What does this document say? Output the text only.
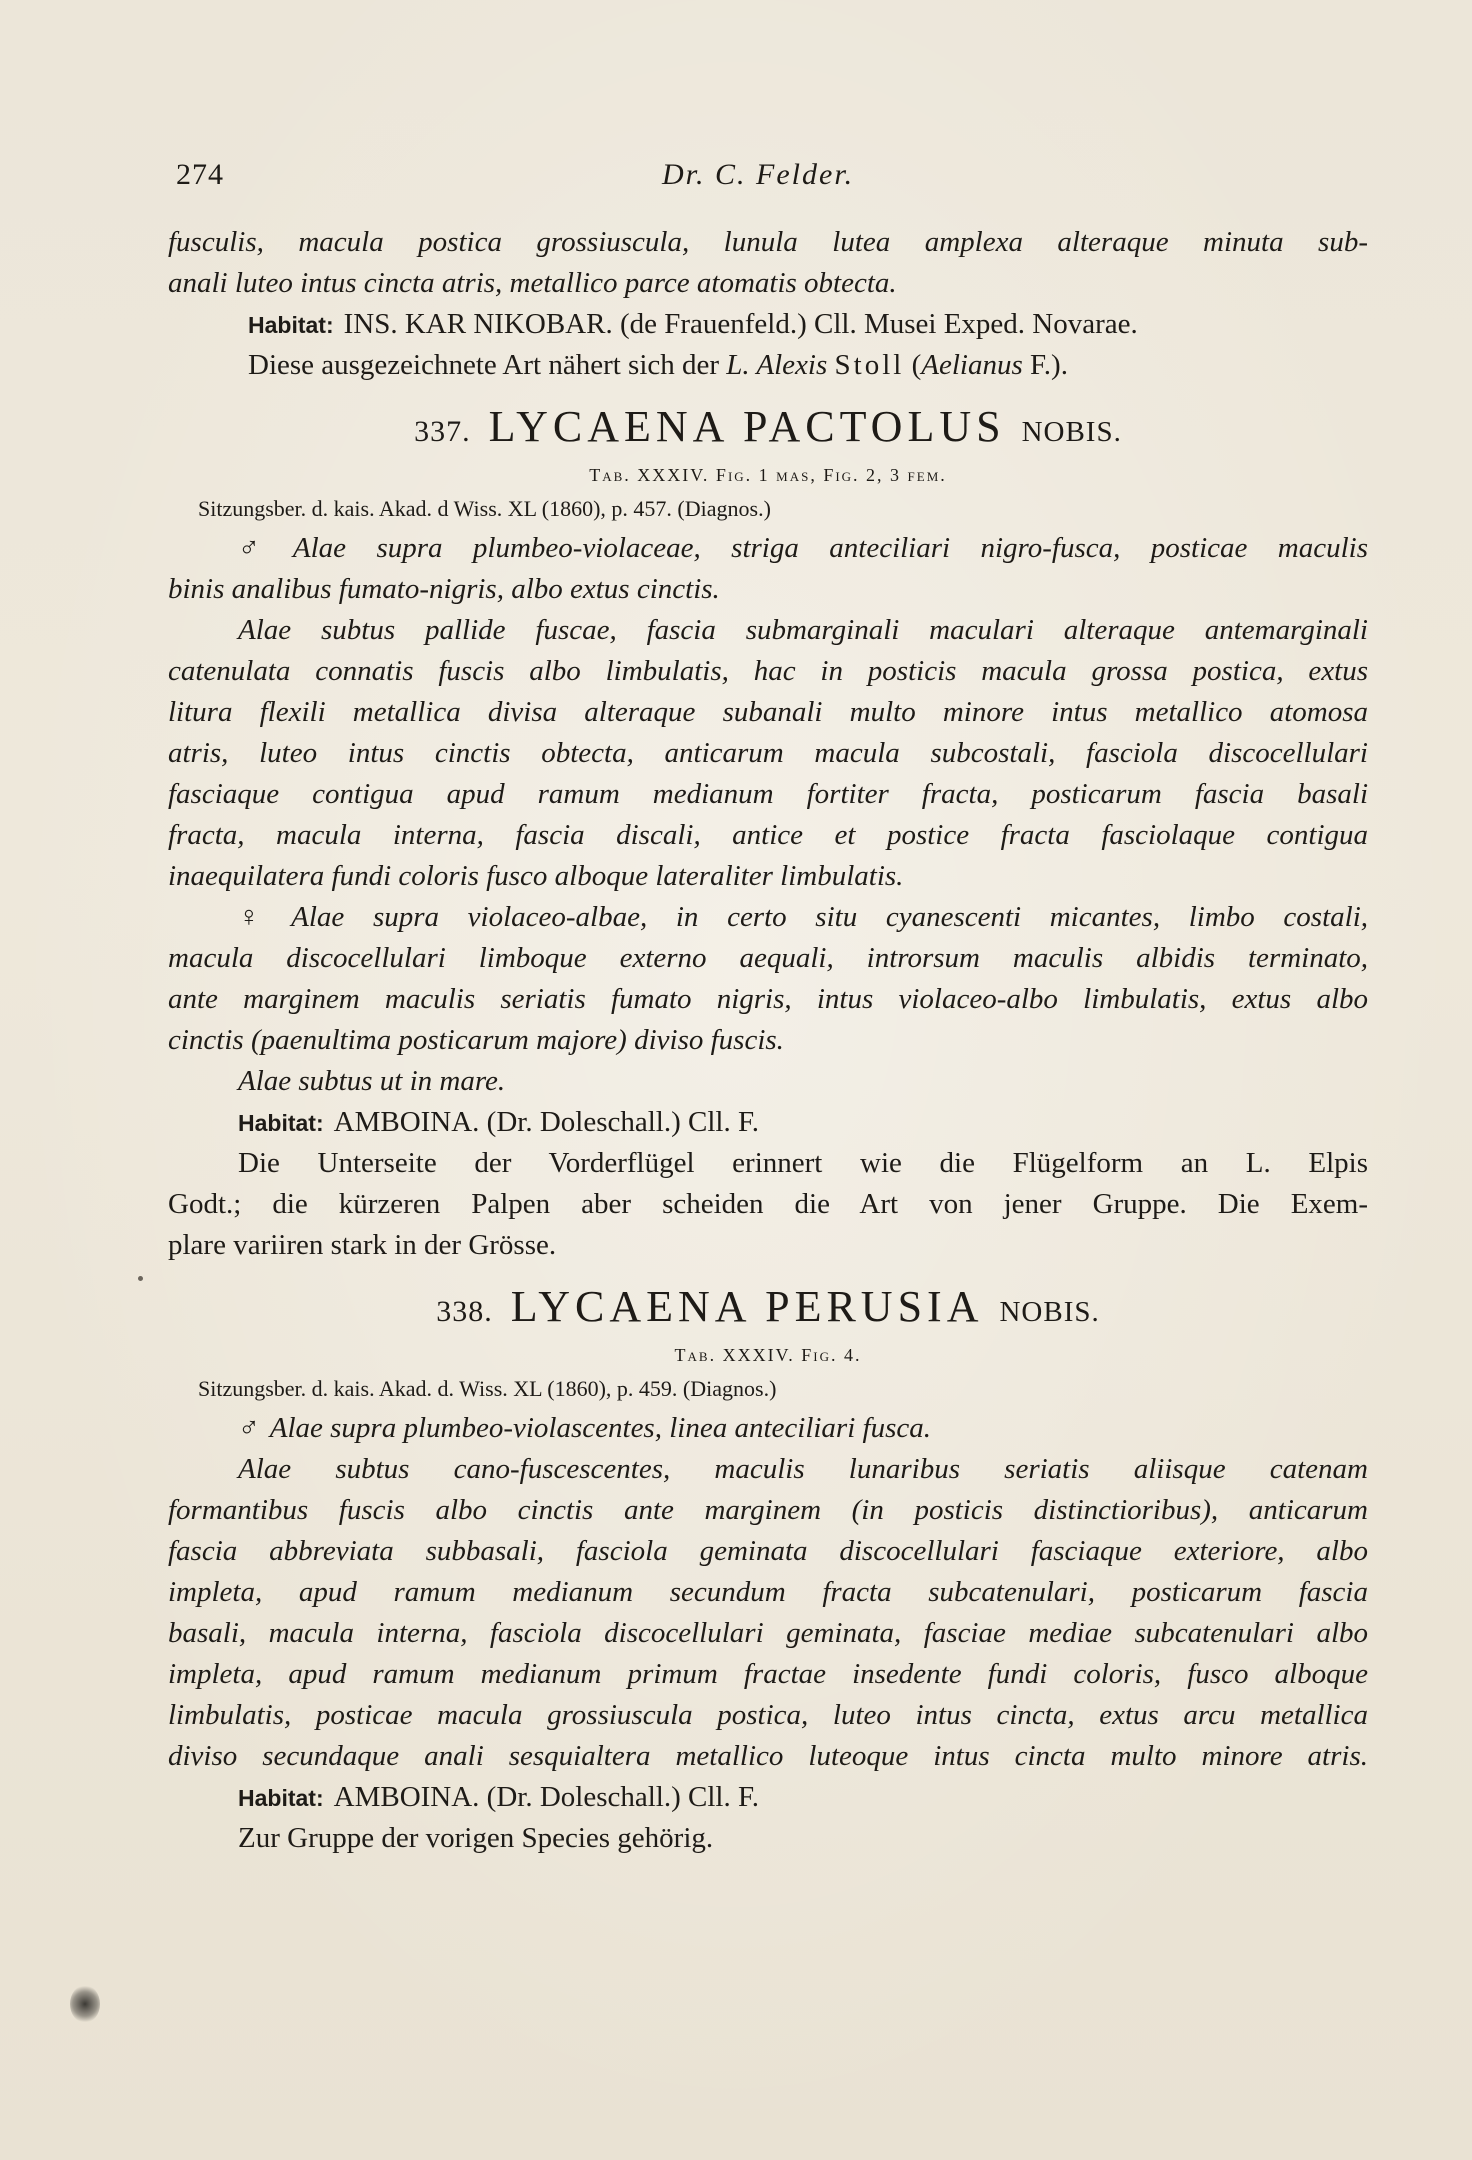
274	Dr. C. Felder.
fusculis, macula postica grossiuscula, lunula lutea amplexa alteraque minuta sub-
anali luteo intus cincta atris, metallico parce atomatis obtecta.
Habitat: INS. KAR NIKOBAR. (de Frauenfeld.) Cll. Musei Exped. Novarae.
Diese ausgezeichnete Art nähert sich der L. Alexis Stoll (Aelianus F.).
337. LYCAENA PACTOLUS NOBIS.
Tab. XXXIV. Fig. 1 mas, Fig. 2, 3 fem.
Sitzungsber. d. kais. Akad. d Wiss. XL (1860), p. 457. (Diagnos.)
♂ Alae supra plumbeo-violaceae, striga anteciliari nigro-fusca, posticae maculis
binis analibus fumato-nigris, albo extus cinctis.
Alae subtus pallide fuscae, fascia submarginali maculari alteraque antemarginali
catenulata connatis fuscis albo limbulatis, hac in posticis macula grossa postica, extus
litura flexili metallica divisa alteraque subanali multo minore intus metallico atomosa
atris, luteo intus cinctis obtecta, anticarum macula subcostali, fasciola discocellulari
fasciaque contigua apud ramum medianum fortiter fracta, posticarum fascia basali
fracta, macula interna, fascia discali, antice et postice fracta fasciolaque contigua
inaequilatera fundi coloris fusco alboque lateraliter limbulatis.
♀ Alae supra violaceo-albae, in certo situ cyanescenti micantes, limbo costali,
macula discocellulari limboque externo aequali, introrsum maculis albidis terminato,
ante marginem maculis seriatis fumato nigris, intus violaceo-albo limbulatis, extus albo
cinctis (paenultima posticarum majore) diviso fuscis.
Alae subtus ut in mare.
Habitat: AMBOINA. (Dr. Doleschall.) Cll. F.
Die Unterseite der Vorderflügel erinnert wie die Flügelform an L. Elpis
Godt.; die kürzeren Palpen aber scheiden die Art von jener Gruppe. Die Exem-
plare variiren stark in der Grösse.
338. LYCAENA PERUSIA NOBIS.
Tab. XXXIV. Fig. 4.
Sitzungsber. d. kais. Akad. d. Wiss. XL (1860), p. 459. (Diagnos.)
♂ Alae supra plumbeo-violascentes, linea anteciliari fusca.
Alae subtus cano-fuscescentes, maculis lunaribus seriatis aliisque catenam
formantibus fuscis albo cinctis ante marginem (in posticis distinctioribus), anticarum
fascia abbreviata subbasali, fasciola geminata discocellulari fasciaque exteriore, albo
impleta, apud ramum medianum secundum fracta subcatenulari, posticarum fascia
basali, macula interna, fasciola discocellulari geminata, fasciae mediae subcatenulari albo
impleta, apud ramum medianum primum fractae insedente fundi coloris, fusco alboque
limbulatis, posticae macula grossiuscula postica, luteo intus cincta, extus arcu metallica
diviso secundaque anali sesquialtera metallico luteoque intus cincta multo minore atris.
Habitat: AMBOINA. (Dr. Doleschall.) Cll. F.
Zur Gruppe der vorigen Species gehörig.
